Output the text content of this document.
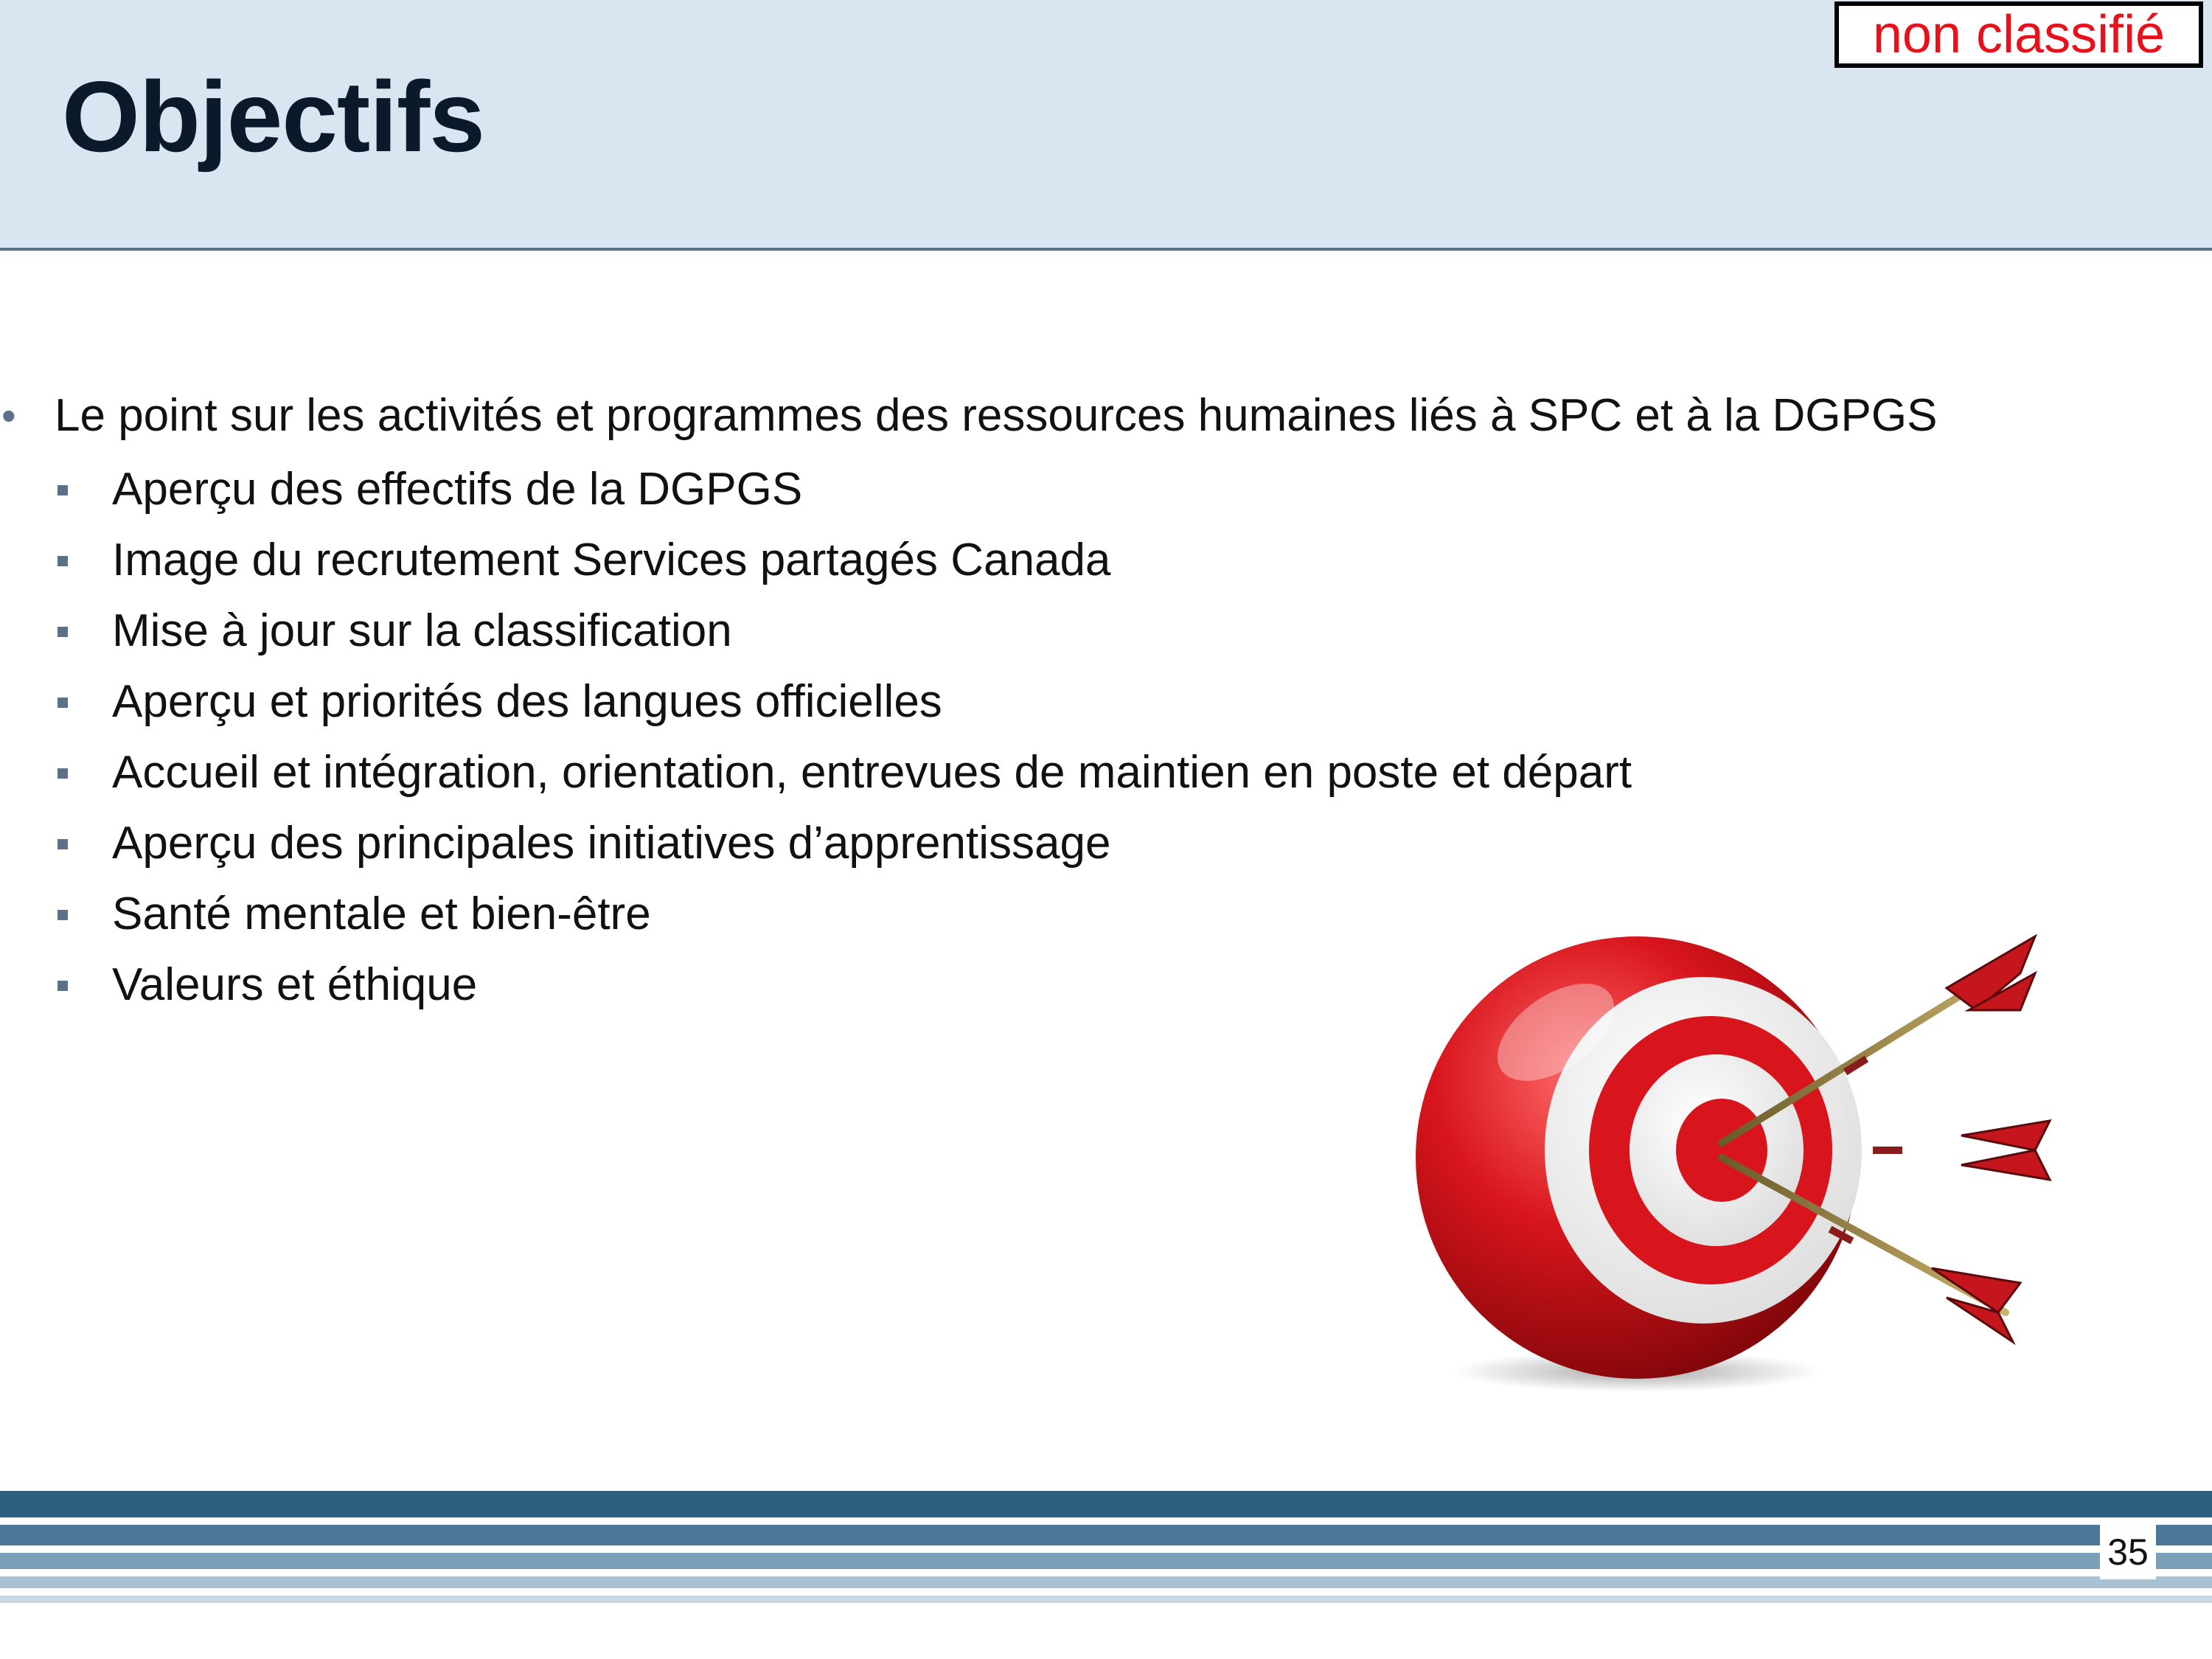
Objectifs
non classifié
• Le point sur les activités et programmes des ressources humaines liés à SPC et à la DGPGS
Aperçu des effectifs de la DGPGS
Image du recrutement Services partagés Canada
Mise à jour sur la classification
Aperçu et priorités des langues officielles
Accueil et intégration, orientation, entrevues de maintien en poste et départ
Aperçu des principales initiatives d’apprentissage
Santé mentale et bien-être
Valeurs et éthique
35
